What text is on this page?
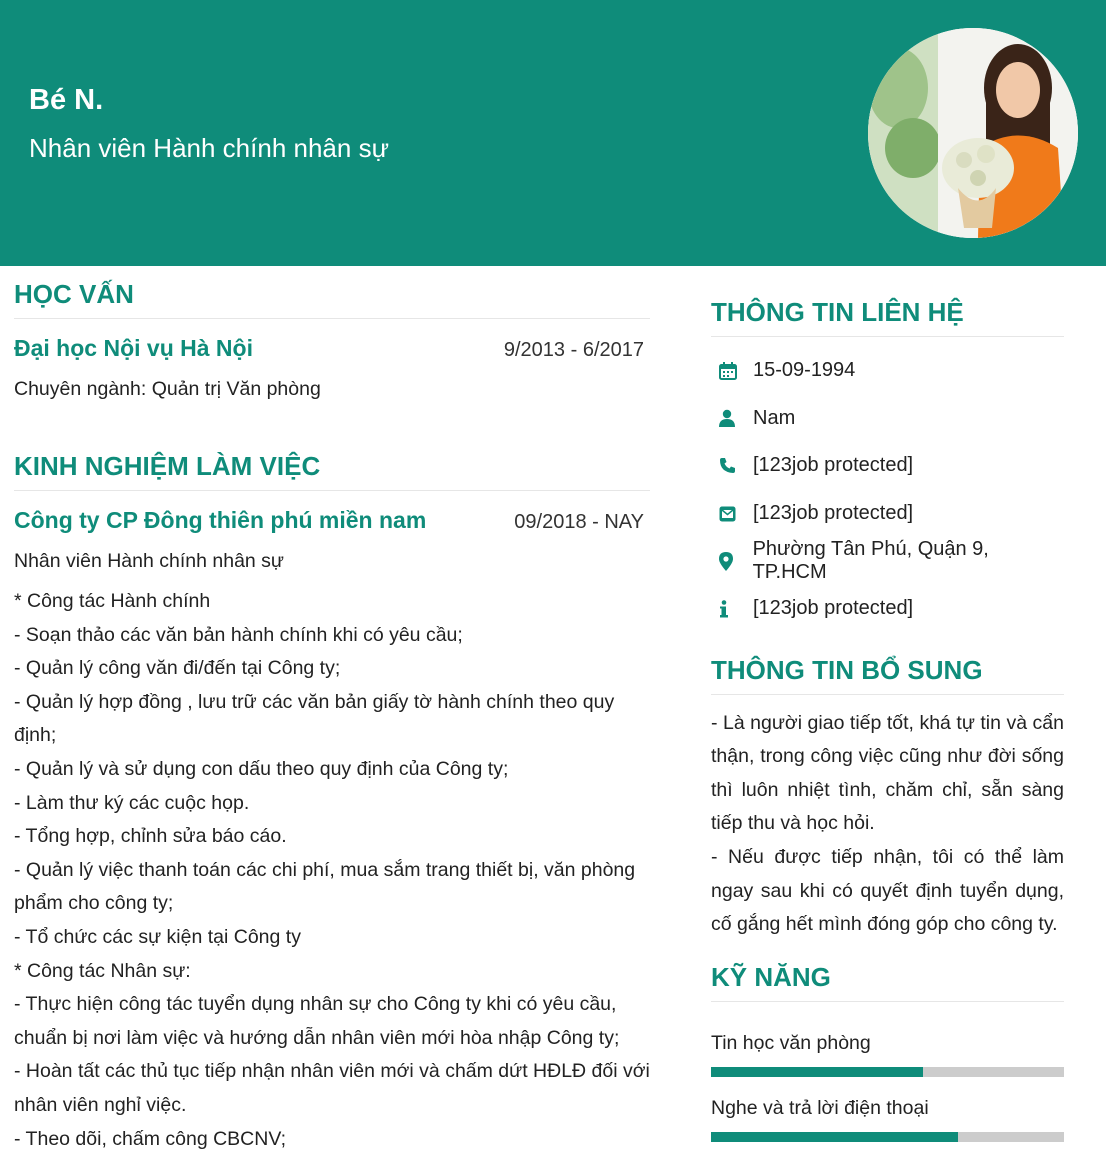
Bé N.
Nhân viên Hành chính nhân sự
HỌC VẤN
Đại học Nội vụ Hà Nội	9/2013 - 6/2017
Chuyên ngành: Quản trị Văn phòng
KINH NGHIỆM LÀM VIỆC
Công ty CP Đông thiên phú miền nam	09/2018 - NAY
Nhân viên Hành chính nhân sự
* Công tác Hành chính
- Soạn thảo các văn bản hành chính khi có yêu cầu;
- Quản lý công văn đi/đến tại Công ty;
- Quản lý hợp đồng , lưu trữ các văn bản giấy tờ hành chính theo quy định;
- Quản lý và sử dụng con dấu theo quy định của Công ty;
- Làm thư ký các cuộc họp.
- Tổng hợp, chỉnh sửa báo cáo.
- Quản lý việc thanh toán các chi phí, mua sắm trang thiết bị, văn phòng
phẩm cho công ty;
- Tổ chức các sự kiện tại Công ty
* Công tác Nhân sự:
- Thực hiện công tác tuyển dụng nhân sự cho Công ty khi có yêu cầu,
chuẩn bị nơi làm việc và hướng dẫn nhân viên mới hòa nhập Công ty;
- Hoàn tất các thủ tục tiếp nhận nhân viên mới và chấm dứt HĐLĐ đối với
nhân viên nghỉ việc.
- Theo dõi, chấm công CBCNV;
THÔNG TIN LIÊN HỆ
15-09-1994
Nam
[123job protected]
[123job protected]
Phường Tân Phú, Quận 9, TP.HCM
[123job protected]
THÔNG TIN BỔ SUNG
- Là người giao tiếp tốt, khá tự tin và cẩn thận, trong công việc cũng như đời sống thì luôn nhiệt tình, chăm chỉ, sẵn sàng tiếp thu và học hỏi.
- Nếu được tiếp nhận, tôi có thể làm ngay sau khi có quyết định tuyển dụng, cố gắng hết mình đóng góp cho công ty.
KỸ NĂNG
Tin học văn phòng
Nghe và trả lời điện thoại
